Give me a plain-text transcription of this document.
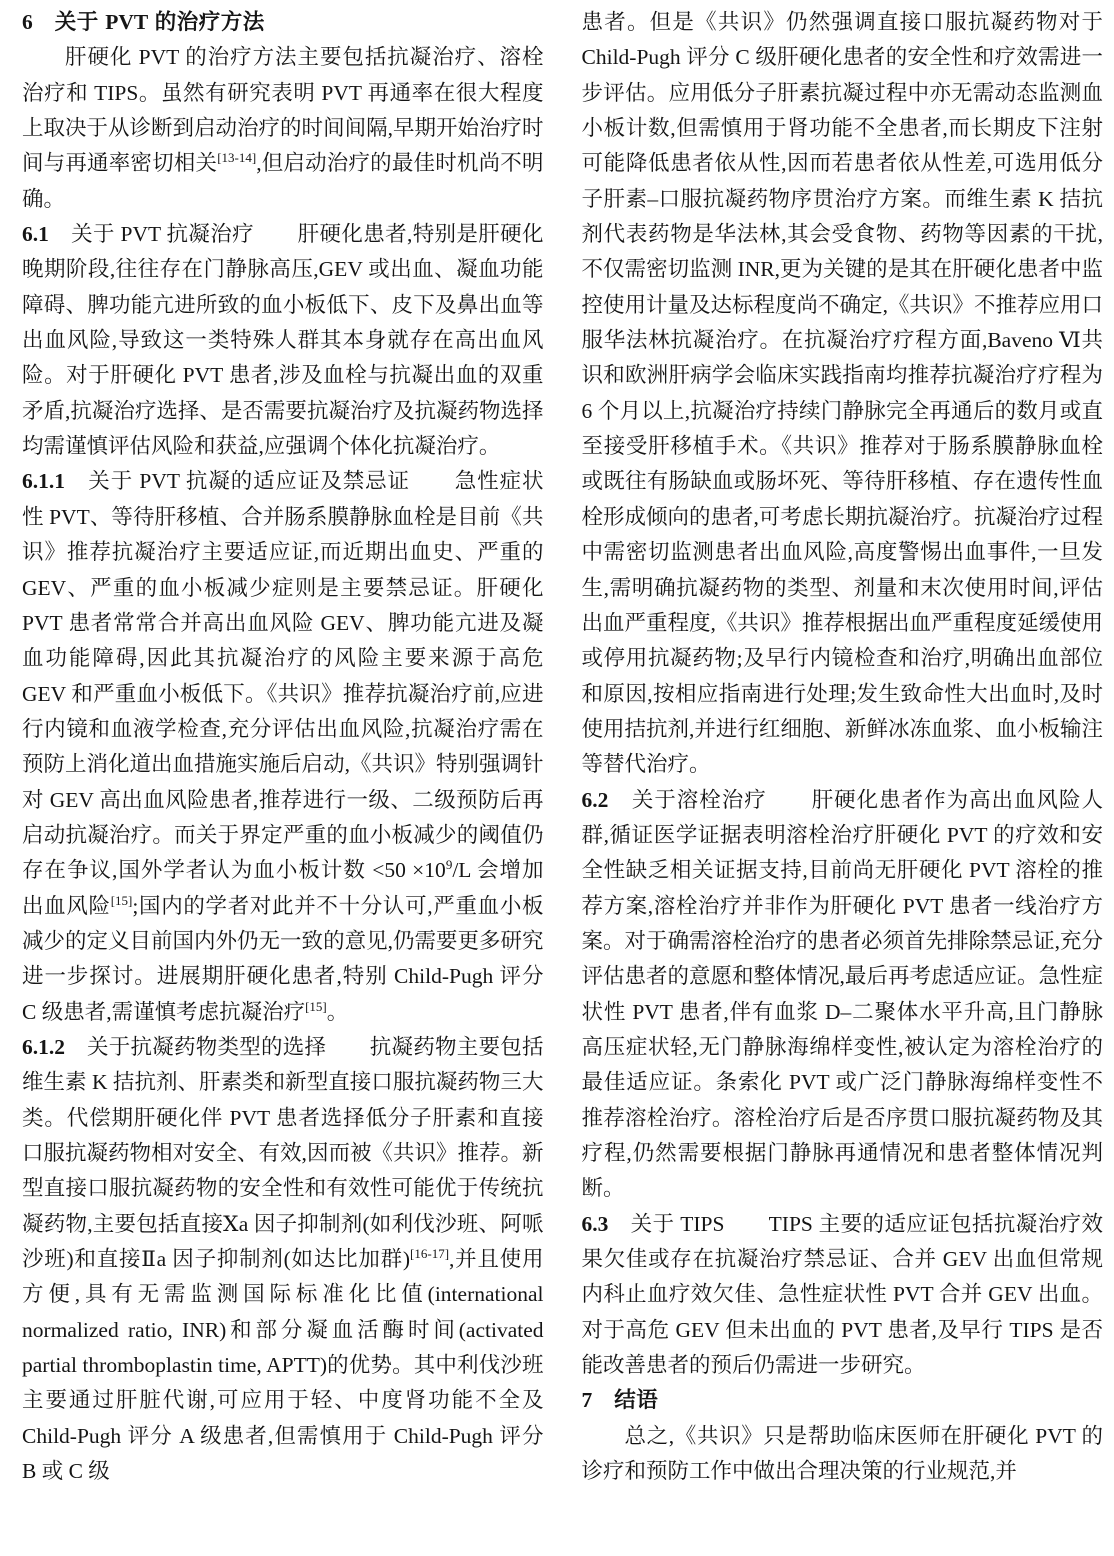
6　关于 PVT 的治疗方法

肝硬化 PVT 的治疗方法主要包括抗凝治疗、溶栓治疗和 TIPS。虽然有研究表明 PVT 再通率在很大程度上取决于从诊断到启动治疗的时间间隔,早期开始治疗时间与再通率密切相关[13-14],但启动治疗的最佳时机尚不明确。

6.1　关于 PVT 抗凝治疗　　肝硬化患者,特别是肝硬化晚期阶段,往往存在门静脉高压,GEV 或出血、凝血功能障碍、脾功能亢进所致的血小板低下、皮下及鼻出血等出血风险,导致这一类特殊人群其本身就存在高出血风险。对于肝硬化 PVT 患者,涉及血栓与抗凝出血的双重矛盾,抗凝治疗选择、是否需要抗凝治疗及抗凝药物选择均需谨慎评估风险和获益,应强调个体化抗凝治疗。

6.1.1　关于 PVT 抗凝的适应证及禁忌证　　急性症状性 PVT、等待肝移植、合并肠系膜静脉血栓是目前《共识》推荐抗凝治疗主要适应证,而近期出血史、严重的 GEV、严重的血小板减少症则是主要禁忌证。肝硬化 PVT 患者常常合并高出血风险 GEV、脾功能亢进及凝血功能障碍,因此其抗凝治疗的风险主要来源于高危 GEV 和严重血小板低下。《共识》推荐抗凝治疗前,应进行内镜和血液学检查,充分评估出血风险,抗凝治疗需在预防上消化道出血措施实施后启动,《共识》特别强调针对 GEV 高出血风险患者,推荐进行一级、二级预防后再启动抗凝治疗。而关于界定严重的血小板减少的阈值仍存在争议,国外学者认为血小板计数 $<50 \times 10^9/L$ 会增加出血风险[15];国内的学者对此并不十分认可,严重血小板减少的定义目前国内外仍无一致的意见,仍需要更多研究进一步探讨。进展期肝硬化患者,特别 Child-Pugh 评分 C 级患者,需谨慎考虑抗凝治疗[15]。

6.1.2　关于抗凝药物类型的选择　　抗凝药物主要包括维生素 K 拮抗剂、肝素类和新型直接口服抗凝药物三大类。代偿期肝硬化伴 PVT 患者选择低分子肝素和直接口服抗凝药物相对安全、有效,因而被《共识》推荐。新型直接口服抗凝药物的安全性和有效性可能优于传统抗凝药物,主要包括直接Ⅹa 因子抑制剂(如利伐沙班、阿哌沙班)和直接Ⅱa 因子抑制剂(如达比加群)[16-17],并且使用方便,具有无需监测国际标准化比值(international normalized ratio, INR)和部分凝血活酶时间(activated partial thromboplastin time, APTT)的优势。其中利伐沙班主要通过肝脏代谢,可应用于轻、中度肾功能不全及 Child-Pugh 评分 A 级患者,但需慎用于 Child-Pugh 评分 B 或 C 级

患者。但是《共识》仍然强调直接口服抗凝药物对于 Child-Pugh 评分 C 级肝硬化患者的安全性和疗效需进一步评估。应用低分子肝素抗凝过程中亦无需动态监测血小板计数,但需慎用于肾功能不全患者,而长期皮下注射可能降低患者依从性,因而若患者依从性差,可选用低分子肝素–口服抗凝药物序贯治疗方案。而维生素 K 拮抗剂代表药物是华法林,其会受食物、药物等因素的干扰,不仅需密切监测 INR,更为关键的是其在肝硬化患者中监控使用计量及达标程度尚不确定,《共识》不推荐应用口服华法林抗凝治疗。在抗凝治疗疗程方面,Baveno Ⅵ共识和欧洲肝病学会临床实践指南均推荐抗凝治疗疗程为 6 个月以上,抗凝治疗持续门静脉完全再通后的数月或直至接受肝移植手术。《共识》推荐对于肠系膜静脉血栓或既往有肠缺血或肠坏死、等待肝移植、存在遗传性血栓形成倾向的患者,可考虑长期抗凝治疗。抗凝治疗过程中需密切监测患者出血风险,高度警惕出血事件,一旦发生,需明确抗凝药物的类型、剂量和末次使用时间,评估出血严重程度,《共识》推荐根据出血严重程度延缓使用或停用抗凝药物;及早行内镜检查和治疗,明确出血部位和原因,按相应指南进行处理;发生致命性大出血时,及时使用拮抗剂,并进行红细胞、新鲜冰冻血浆、血小板输注等替代治疗。

6.2　关于溶栓治疗　　肝硬化患者作为高出血风险人群,循证医学证据表明溶栓治疗肝硬化 PVT 的疗效和安全性缺乏相关证据支持,目前尚无肝硬化 PVT 溶栓的推荐方案,溶栓治疗并非作为肝硬化 PVT 患者一线治疗方案。对于确需溶栓治疗的患者必须首先排除禁忌证,充分评估患者的意愿和整体情况,最后再考虑适应证。急性症状性 PVT 患者,伴有血浆 D–二聚体水平升高,且门静脉高压症状轻,无门静脉海绵样变性,被认定为溶栓治疗的最佳适应证。条索化 PVT 或广泛门静脉海绵样变性不推荐溶栓治疗。溶栓治疗后是否序贯口服抗凝药物及其疗程,仍然需要根据门静脉再通情况和患者整体情况判断。

6.3　关于 TIPS　　TIPS 主要的适应证包括抗凝治疗效果欠佳或存在抗凝治疗禁忌证、合并 GEV 出血但常规内科止血疗效欠佳、急性症状性 PVT 合并 GEV 出血。对于高危 GEV 但未出血的 PVT 患者,及早行 TIPS 是否能改善患者的预后仍需进一步研究。

7　结语

总之,《共识》只是帮助临床医师在肝硬化 PVT 的诊疗和预防工作中做出合理决策的行业规范,并
